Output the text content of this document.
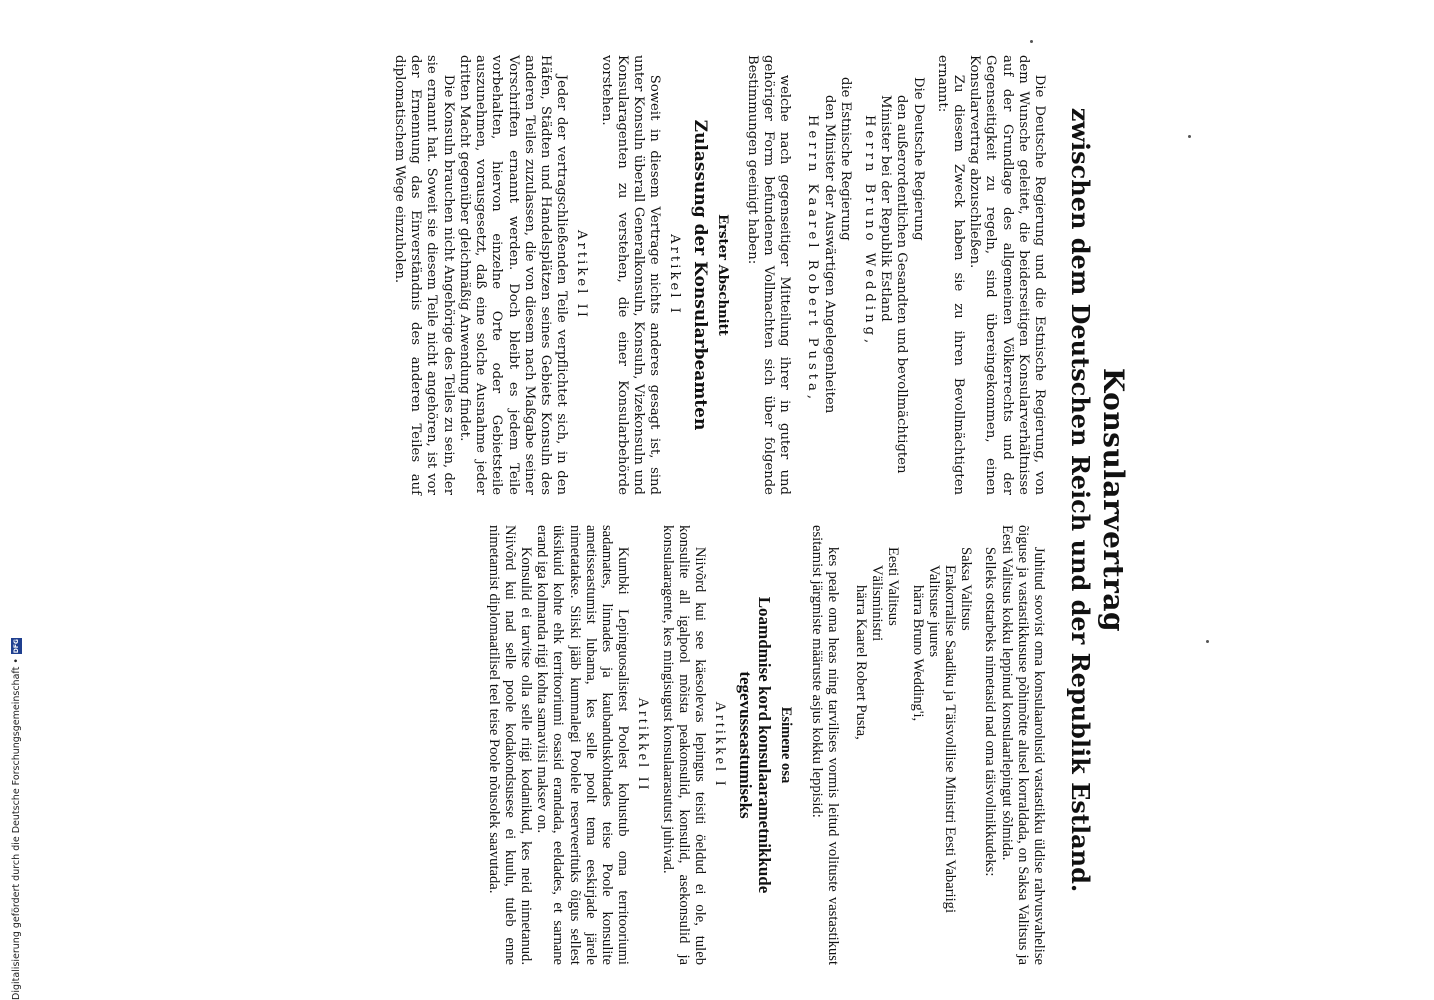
Konsularvertrag
zwischen dem Deutschen Reich und der Republik Estland.

Die Deutsche Regierung und die Estnische Regierung, von dem Wunsche geleitet, die beiderseitigen Konsularverhältnisse auf der Grundlage des allgemeinen Völkerrechts und der Gegenseitigkeit zu regeln, sind übereingekommen, einen Konsularvertrag abzuschließen.

Zu diesem Zweck haben sie zu ihren Bevollmächtigten ernannt:

Die Deutsche Regierung
den außerordentlichen Gesandten und bevollmächtigten Minister bei der Republik Estland
Herrn Bruno Wedding,
die Estnische Regierung
den Minister der Auswärtigen Angelegenheiten
Herrn Kaarel Robert Pusta,

welche nach gegenseitiger Mitteilung ihrer in guter und gehöriger Form befundenen Vollmachten sich über folgende Bestimmungen geeinigt haben:

Erster Abschnitt
Zulassung der Konsularbeamten
Artikel I

Soweit in diesem Vertrage nichts anderes gesagt ist, sind unter Konsuln überall Generalkonsuln, Konsuln, Vizekonsuln und Konsularagenten zu verstehen, die einer Konsularbehörde vorstehen.

Artikel II

Jeder der vertragschließenden Teile verpflichtet sich, in den Häfen, Städten und Handelsplätzen seines Gebiets Konsuln des anderen Teiles zuzulassen, die von diesem nach Maßgabe seiner Vorschriften ernannt werden. Doch bleibt es jedem Teile vorbehalten, hiervon einzelne Orte oder Gebietsteile auszunehmen, vorausgesetzt, daß eine solche Ausnahme jeder dritten Macht gegenüber gleichmäßig Anwendung findet.

Die Konsuln brauchen nicht Angehörige des Teiles zu sein, der sie ernannt hat. Soweit sie diesem Teile nicht angehören, ist vor der Ernennung das Einverständnis des anderen Teiles auf diplomatischem Wege einzuholen.

Juhitud soovist oma konsulaarolusid vastastikku üldise rahvusvahelise õiguse ja vastastikkususe põhimõtte alusel korraldada, on Saksa Valitsus ja Eesti Valitsus kokku leppinud konsulaarlepingut sõlmida.

Selleks otstarbeks nimetasid nad oma täisvolinikkudeks:

Saksa Valitsus
Erakorralise Saadiku ja Täisvolilise Ministri Eesti Vabariigi Valitsuse juures
härra Bruno Wedding'i,
Eesti Valitsus
Välisministri
härra Kaarel Robert Pusta,

kes peale oma heas ning tarvilises vormis leitud volituste vastastikust esitamist järgmiste määruste asjus kokku leppisid:

Esimene osa
Loamdmise kord konsulaarametnikkude tegevusseastumiseks
Artikkel I

Niivõrd kui see käesolevas lepingus teisiti öeldud ei ole, tuleb konsulite all igalpool mõista peakonsulid, konsulid, asekonsulid ja konsulaaragente, kes mingisugust konsulaarasutust juhivad.

Artikkel II

Kumbki Lepinguosalistest Poolest kohustub oma territooriumi sadamates, linnades ja kaubanduskohtades teise Poole konsulite ametisseastumist lubama, kes selle poolt tema eeskirjade järele nimetatakse. Siiski jääb kummalegi Poolele reserveerituks õigus sellest üksikuid kohte ehk territooriumi osasid erandada, eeldades, et sarnane erand iga kolmanda riigi kohta samaviisi maksev on.

Konsulid ei tarvitse olla selle riigi kodanikud, kes neid nimetanud. Niivõrd kui nad selle poole kodakondsusese ei kuulu, tuleb enne nimetamist diplomaatilisel teel teise Poole nõusolek saavutada.

Digitalisierung gefördert durch die Deutsche Forschungsgemeinschaft •
DFG
